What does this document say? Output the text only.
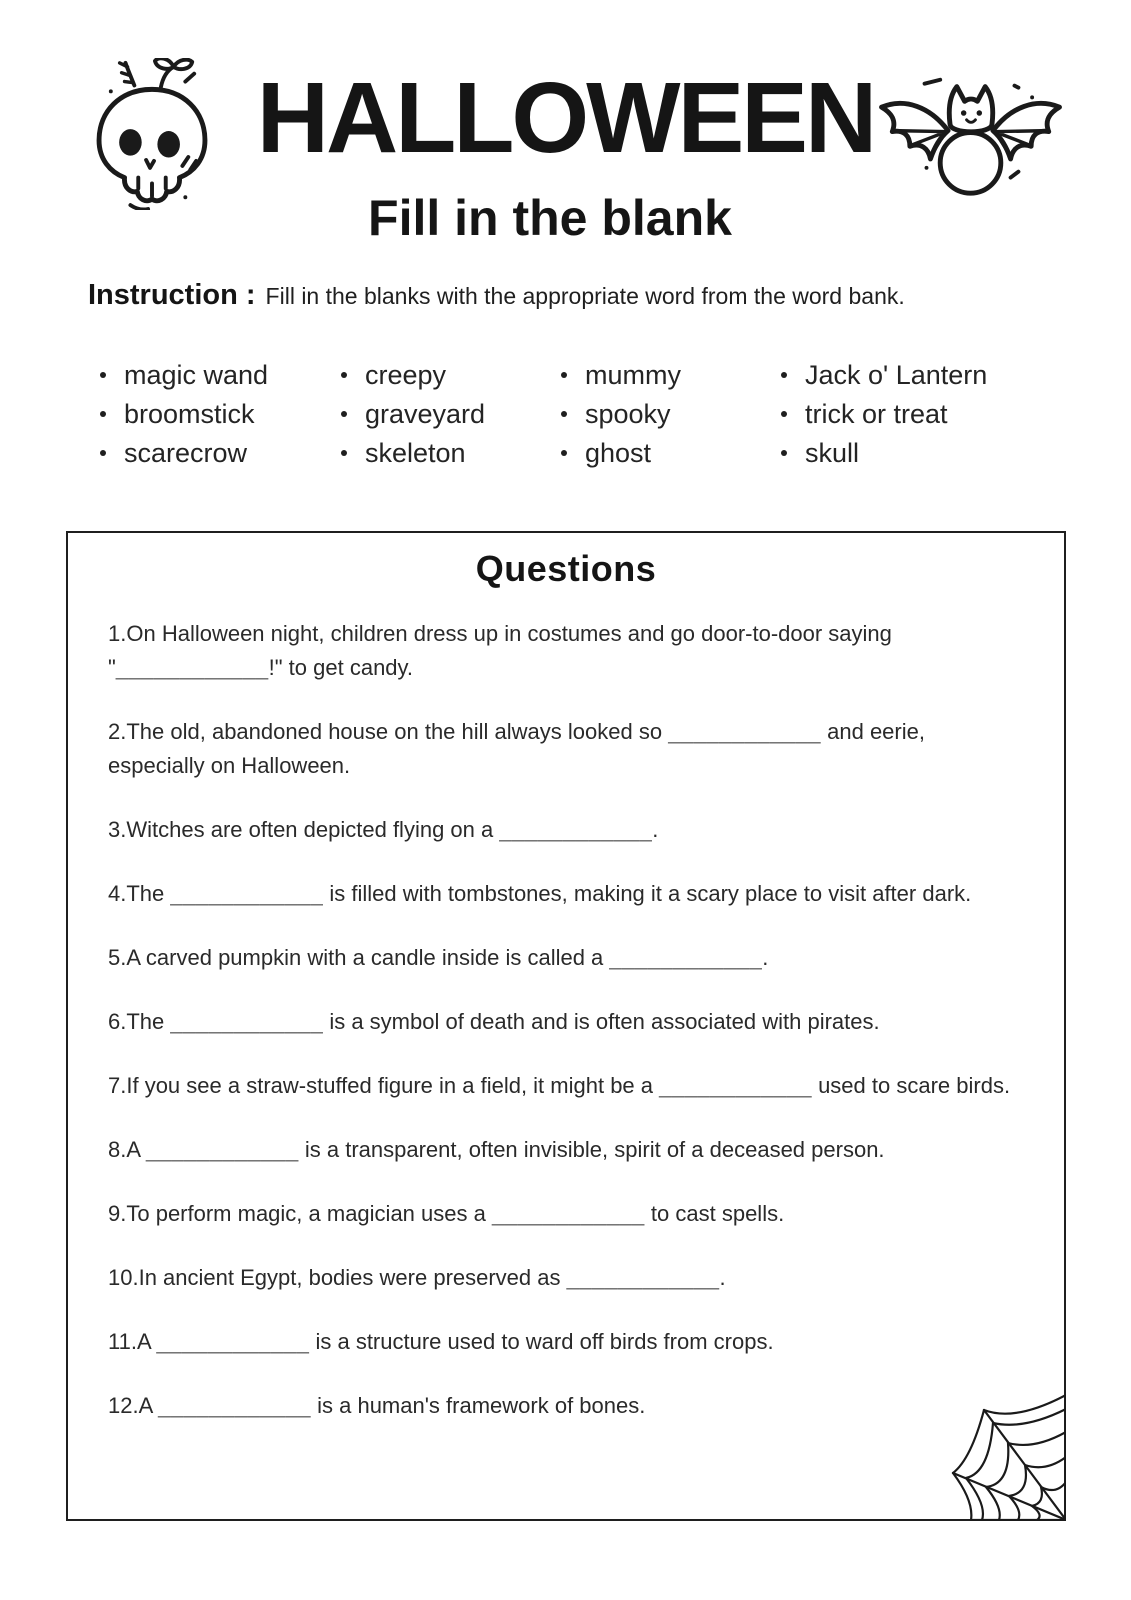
HALLOWEEN
Fill in the blank

Instruction : Fill in the blanks with the appropriate word from the word bank.

magic wand
broomstick
scarecrow
creepy
graveyard
skeleton
mummy
spooky
ghost
Jack o' Lantern
trick or treat
skull
Questions
1.On Halloween night, children dress up in costumes and go door-to-door saying "____________!" to get candy.
2.The old, abandoned house on the hill always looked so ____________ and eerie, especially on Halloween.
3.Witches are often depicted flying on a ____________.
4.The ____________ is filled with tombstones, making it a scary place to visit after dark.
5.A carved pumpkin with a candle inside is called a ____________.
6.The ____________ is a symbol of death and is often associated with pirates.
7.If you see a straw-stuffed figure in a field, it might be a ____________ used to scare birds.
8.A ____________ is a transparent, often invisible, spirit of a deceased person.
9.To perform magic, a magician uses a ____________ to cast spells.
10.In ancient Egypt, bodies were preserved as ____________.
11.A ____________ is a structure used to ward off birds from crops.
12.A ____________ is a human's framework of bones.
